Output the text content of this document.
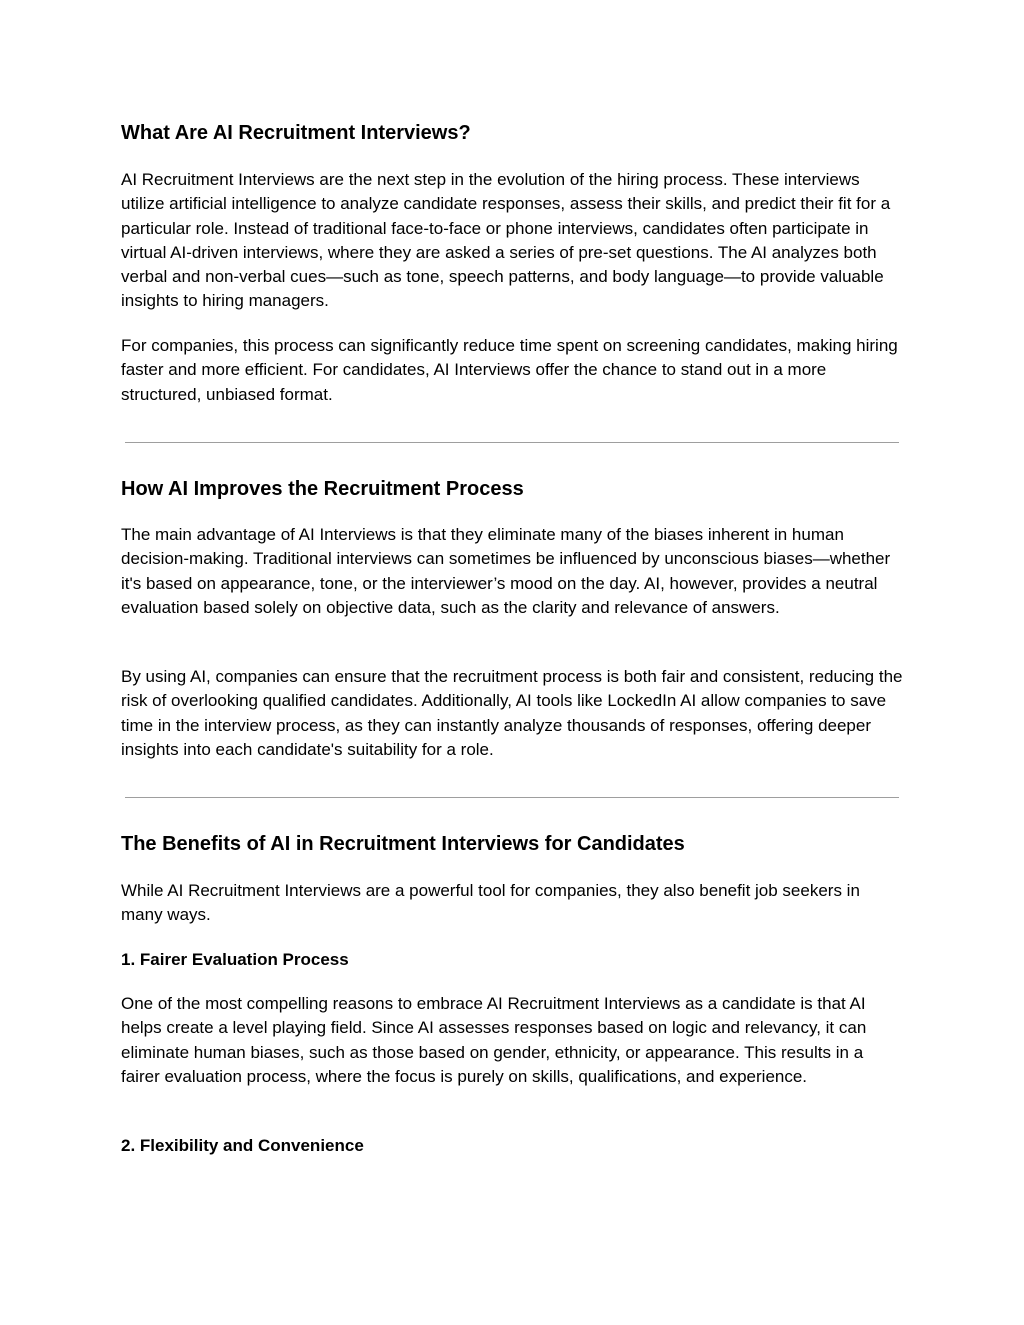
What Are AI Recruitment Interviews?

AI Recruitment Interviews are the next step in the evolution of the hiring process. These interviews utilize artificial intelligence to analyze candidate responses, assess their skills, and predict their fit for a particular role. Instead of traditional face-to-face or phone interviews, candidates often participate in virtual AI-driven interviews, where they are asked a series of pre-set questions. The AI analyzes both verbal and non-verbal cues—such as tone, speech patterns, and body language—to provide valuable insights to hiring managers.

For companies, this process can significantly reduce time spent on screening candidates, making hiring faster and more efficient. For candidates, AI Interviews offer the chance to stand out in a more structured, unbiased format.

How AI Improves the Recruitment Process

The main advantage of AI Interviews is that they eliminate many of the biases inherent in human decision-making. Traditional interviews can sometimes be influenced by unconscious biases—whether it's based on appearance, tone, or the interviewer’s mood on the day. AI, however, provides a neutral evaluation based solely on objective data, such as the clarity and relevance of answers.

By using AI, companies can ensure that the recruitment process is both fair and consistent, reducing the risk of overlooking qualified candidates. Additionally, AI tools like LockedIn AI allow companies to save time in the interview process, as they can instantly analyze thousands of responses, offering deeper insights into each candidate's suitability for a role.

The Benefits of AI in Recruitment Interviews for Candidates

While AI Recruitment Interviews are a powerful tool for companies, they also benefit job seekers in many ways.

1. Fairer Evaluation Process

One of the most compelling reasons to embrace AI Recruitment Interviews as a candidate is that AI helps create a level playing field. Since AI assesses responses based on logic and relevancy, it can eliminate human biases, such as those based on gender, ethnicity, or appearance. This results in a fairer evaluation process, where the focus is purely on skills, qualifications, and experience.

2. Flexibility and Convenience
